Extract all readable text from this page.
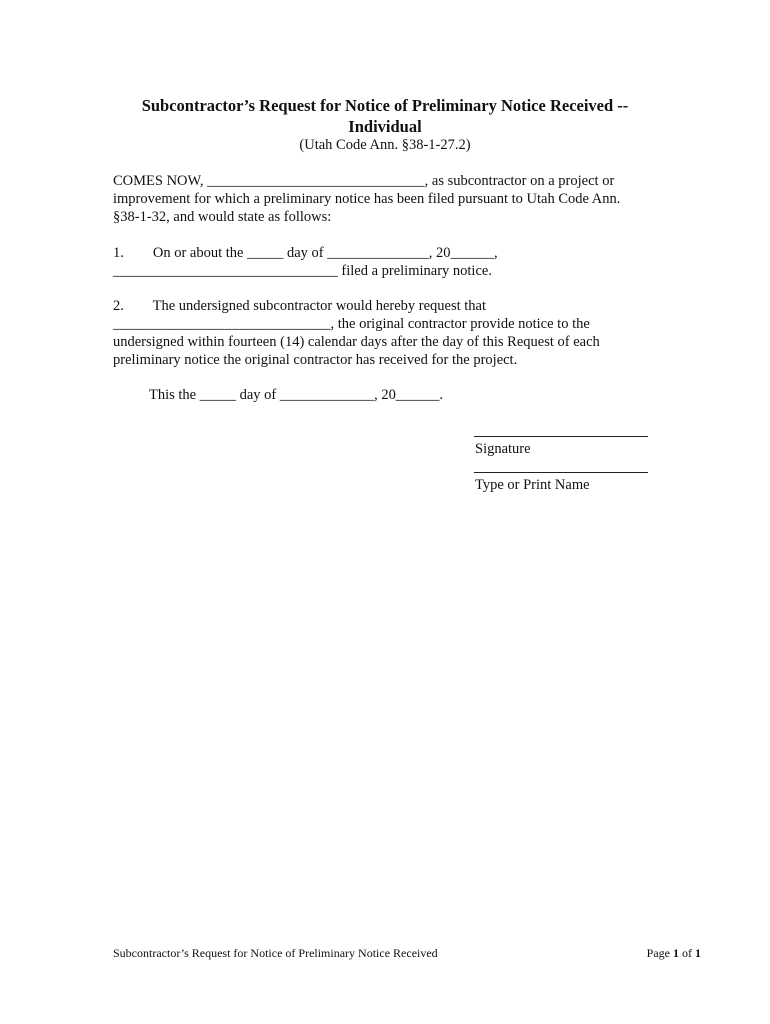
Subcontractor’s Request for Notice of Preliminary Notice Received --
Individual
(Utah Code Ann. §38-1-27.2)
COMES NOW, ______________________________, as subcontractor on a project or
improvement for which a preliminary notice has been filed pursuant to Utah Code Ann.
§38-1-32, and would state as follows:
1.        On or about the _____ day of ______________, 20______,
_______________________________ filed a preliminary notice.
2.        The undersigned subcontractor would hereby request that
______________________________, the original contractor provide notice to the
undersigned within fourteen (14) calendar days after the day of this Request of each
preliminary notice the original contractor has received for the project.
This the _____ day of _____________, 20______.
Signature
Type or Print Name
Subcontractor’s Request for Notice of Preliminary Notice Received	Page 1 of 1
